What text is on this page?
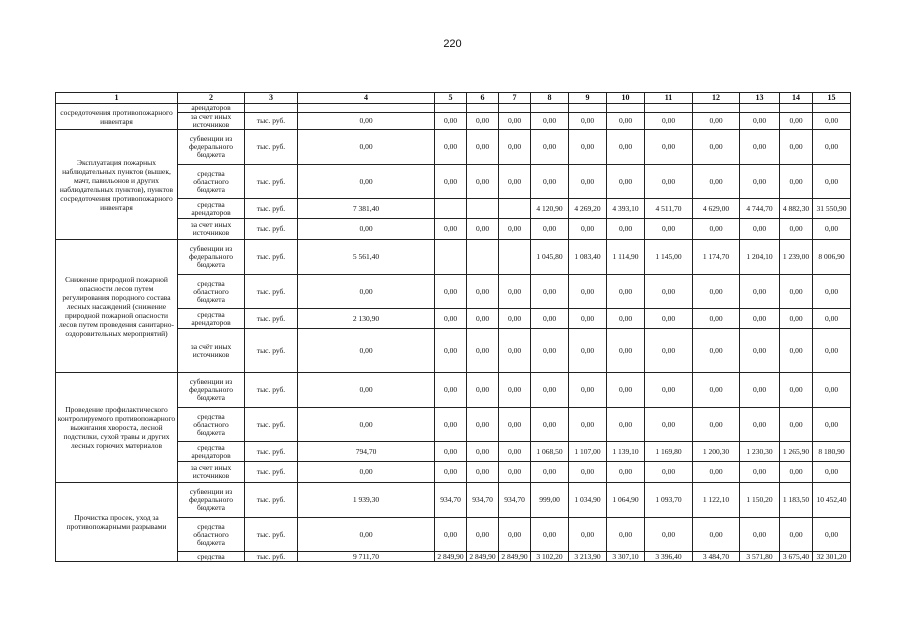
220
1	2	3	4	5	6	7	8	9	10	11	12	13	14	15
сосредоточения противопожарного инвентаря	арендаторов													
	за счет иных источников	тыс. руб.	0,00	0,00	0,00	0,00	0,00	0,00	0,00	0,00	0,00	0,00	0,00	0,00
Эксплуатация пожарных наблюдательных пунктов (вышек, мачт, павильонов и других наблюдательных пунктов), пунктов сосредоточения противопожарного инвентаря	субвенции из федерального бюджета	тыс. руб.	0,00	0,00	0,00	0,00	0,00	0,00	0,00	0,00	0,00	0,00	0,00	0,00
	средства областного бюджета	тыс. руб.	0,00	0,00	0,00	0,00	0,00	0,00	0,00	0,00	0,00	0,00	0,00	0,00
	средства арендаторов	тыс. руб.	7 381,40				4 120,90	4 269,20	4 393,10	4 511,70	4 629,00	4 744,70	4 882,30	31 550,90
	за счет иных источников	тыс. руб.	0,00	0,00	0,00	0,00	0,00	0,00	0,00	0,00	0,00	0,00	0,00	0,00
Снижение природной пожарной опасности лесов путем регулирования породного состава лесных насаждений (снижение природной пожарной опасности лесов путем проведения санитарно-оздоровительных мероприятий)	субвенции из федерального бюджета	тыс. руб.	5 561,40				1 045,80	1 083,40	1 114,90	1 145,00	1 174,70	1 204,10	1 239,00	8 006,90
	средства областного бюджета	тыс. руб.	0,00	0,00	0,00	0,00	0,00	0,00	0,00	0,00	0,00	0,00	0,00	0,00
	средства арендаторов	тыс. руб.	2 130,90	0,00	0,00	0,00	0,00	0,00	0,00	0,00	0,00	0,00	0,00	0,00
	за счёт иных источников	тыс. руб.	0,00	0,00	0,00	0,00	0,00	0,00	0,00	0,00	0,00	0,00	0,00	0,00
Проведение профилактического контролируемого противопожарного выжигания хвороста, лесной подстилки, сухой травы и других лесных горючих материалов	субвенции из федерального бюджета	тыс. руб.	0,00	0,00	0,00	0,00	0,00	0,00	0,00	0,00	0,00	0,00	0,00	0,00
	средства областного бюджета	тыс. руб.	0,00	0,00	0,00	0,00	0,00	0,00	0,00	0,00	0,00	0,00	0,00	0,00
	средства арендаторов	тыс. руб.	794,70	0,00	0,00	0,00	1 068,50	1 107,00	1 139,10	1 169,80	1 200,30	1 230,30	1 265,90	8 180,90
	за счет иных источников	тыс. руб.	0,00	0,00	0,00	0,00	0,00	0,00	0,00	0,00	0,00	0,00	0,00	0,00
Прочистка просек, уход за противопожарными разрывами	субвенции из федерального бюджета	тыс. руб.	1 939,30	934,70	934,70	934,70	999,00	1 034,90	1 064,90	1 093,70	1 122,10	1 150,20	1 183,50	10 452,40
	средства областного бюджета	тыс. руб.	0,00	0,00	0,00	0,00	0,00	0,00	0,00	0,00	0,00	0,00	0,00	0,00
	средства	тыс. руб.	9 711,70	2 849,90	2 849,90	2 849,90	3 102,20	3 213,90	3 307,10	3 396,40	3 484,70	3 571,80	3 675,40	32 301,20
